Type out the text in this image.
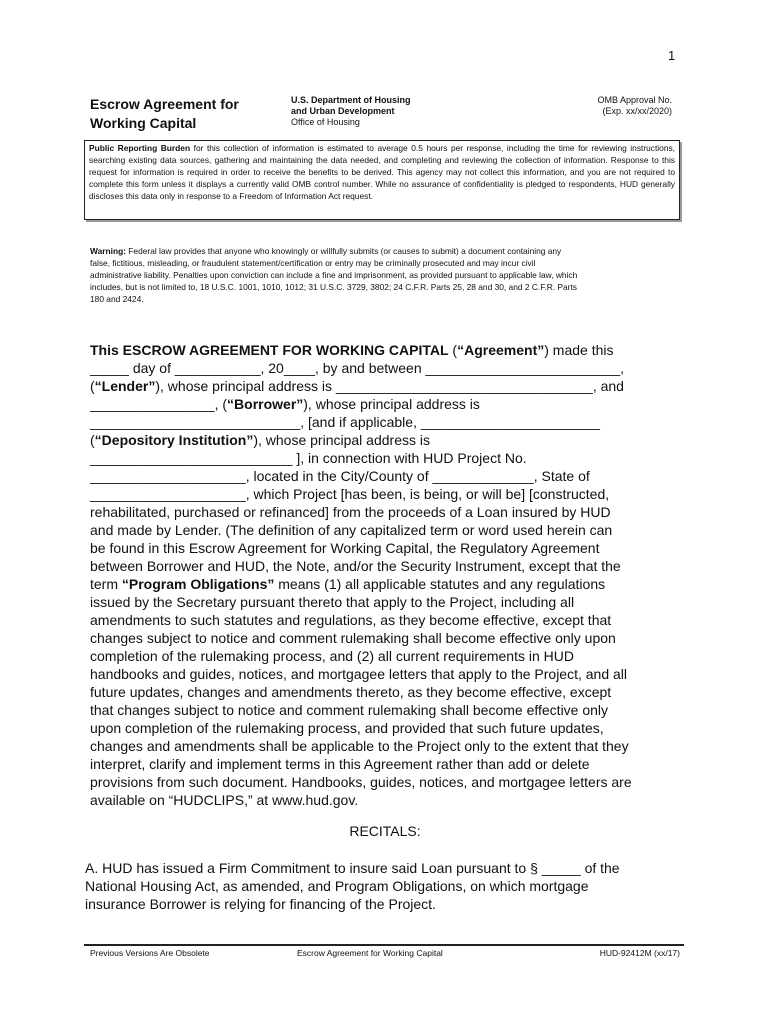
1
Escrow Agreement for
Working Capital
U.S. Department of Housing
and Urban Development
Office of Housing
OMB Approval No.
(Exp. xx/xx/2020)
Public Reporting Burden for this collection of information is estimated to average 0.5 hours per response, including the time for reviewing instructions, searching existing data sources, gathering and maintaining the data needed, and completing and reviewing the collection of information. Response to this request for information is required in order to receive the benefits to be derived. This agency may not collect this information, and you are not required to complete this form unless it displays a currently valid OMB control number. While no assurance of confidentiality is pledged to respondents, HUD generally discloses this data only in response to a Freedom of Information Act request.
Warning: Federal law provides that anyone who knowingly or willfully submits (or causes to submit) a document containing any
false, fictitious, misleading, or fraudulent statement/certification or entry may be criminally prosecuted and may incur civil
administrative liability. Penalties upon conviction can include a fine and imprisonment, as provided pursuant to applicable law, which
includes, but is not limited to, 18 U.S.C. 1001, 1010, 1012; 31 U.S.C. 3729, 3802; 24 C.F.R. Parts 25, 28 and 30, and 2 C.F.R. Parts
180 and 2424.
This ESCROW AGREEMENT FOR WORKING CAPITAL (“Agreement”) made this
_____ day of ___________, 20____, by and between _________________________,
(“Lender”), whose principal address is _________________________________, and
________________, (“Borrower”), whose principal address is
___________________________, [and if applicable, _______________________
(“Depository Institution”), whose principal address is
__________________________ ], in connection with HUD Project No.
____________________, located in the City/County of _____________, State of
____________________, which Project [has been, is being, or will be] [constructed,
rehabilitated, purchased or refinanced] from the proceeds of a Loan insured by HUD
and made by Lender. (The definition of any capitalized term or word used herein can
be found in this Escrow Agreement for Working Capital, the Regulatory Agreement
between Borrower and HUD, the Note, and/or the Security Instrument, except that the
term “Program Obligations” means (1) all applicable statutes and any regulations
issued by the Secretary pursuant thereto that apply to the Project, including all
amendments to such statutes and regulations, as they become effective, except that
changes subject to notice and comment rulemaking shall become effective only upon
completion of the rulemaking process, and (2) all current requirements in HUD
handbooks and guides, notices, and mortgagee letters that apply to the Project, and all
future updates, changes and amendments thereto, as they become effective, except
that changes subject to notice and comment rulemaking shall become effective only
upon completion of the rulemaking process, and provided that such future updates,
changes and amendments shall be applicable to the Project only to the extent that they
interpret, clarify and implement terms in this Agreement rather than add or delete
provisions from such document. Handbooks, guides, notices, and mortgagee letters are
available on “HUDCLIPS,” at www.hud.gov.
RECITALS:
A. HUD has issued a Firm Commitment to insure said Loan pursuant to § _____ of the
National Housing Act, as amended, and Program Obligations, on which mortgage
insurance Borrower is relying for financing of the Project.
Previous Versions Are Obsolete	Escrow Agreement for Working Capital	HUD-92412M (xx/17)
